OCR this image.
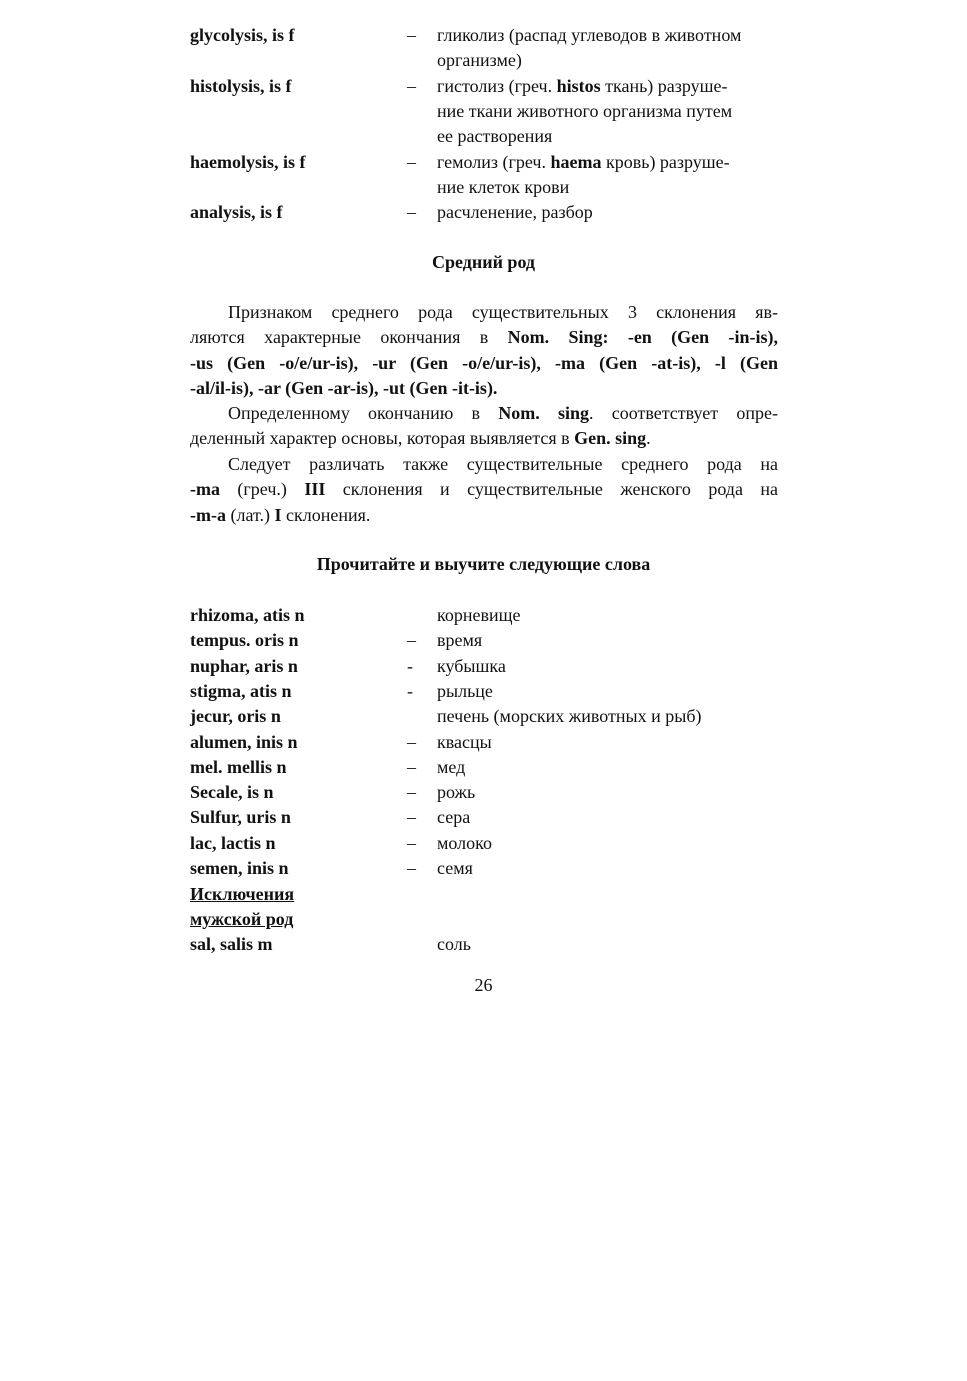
glycolysis, is f	– гликолиз (распад углеводов в животном
организме)
histolysis, is f	– гистолиз (греч. histos ткань) разруше-
ние ткани животного организма путем
ее растворения
haemolysis, is f	– гемолиз (греч. haema кровь) разруше-
ние клеток крови
analysis, is f	– расчленение, разбор
Средний род
Признаком среднего рода существительных 3 склонения яв-
ляются характерные окончания в Nom. Sing: -en (Gen -in-is),
-us (Gen -o/e/ur-is), -ur (Gen -o/e/ur-is), -ma (Gen -at-is), -l (Gen
-al/il-is), -ar (Gen -ar-is), -ut (Gen -it-is).
Определенному окончанию в Nom. sing. соответствует опре-
деленный характер основы, которая выявляется в Gen. sing.
Следует различать также существительные среднего рода на
-ma (греч.) III склонения и существительные женского рода на
-m-a (лат.) I склонения.
Прочитайте и выучите следующие слова
rhizoma, atis n	корневище
tempus. oris n	– время
nuphar, aris n	- кубышка
stigma, atis n	- рыльце
jecur, oris n	печень (морских животных и рыб)
alumen, inis n	– квасцы
mel. mellis n	– мед
Secale, is n	– рожь
Sulfur, uris n	– сера
lac, lactis n	– молоко
semen, inis n	– семя
Исключения
мужской род
sal, salis m	соль
26
